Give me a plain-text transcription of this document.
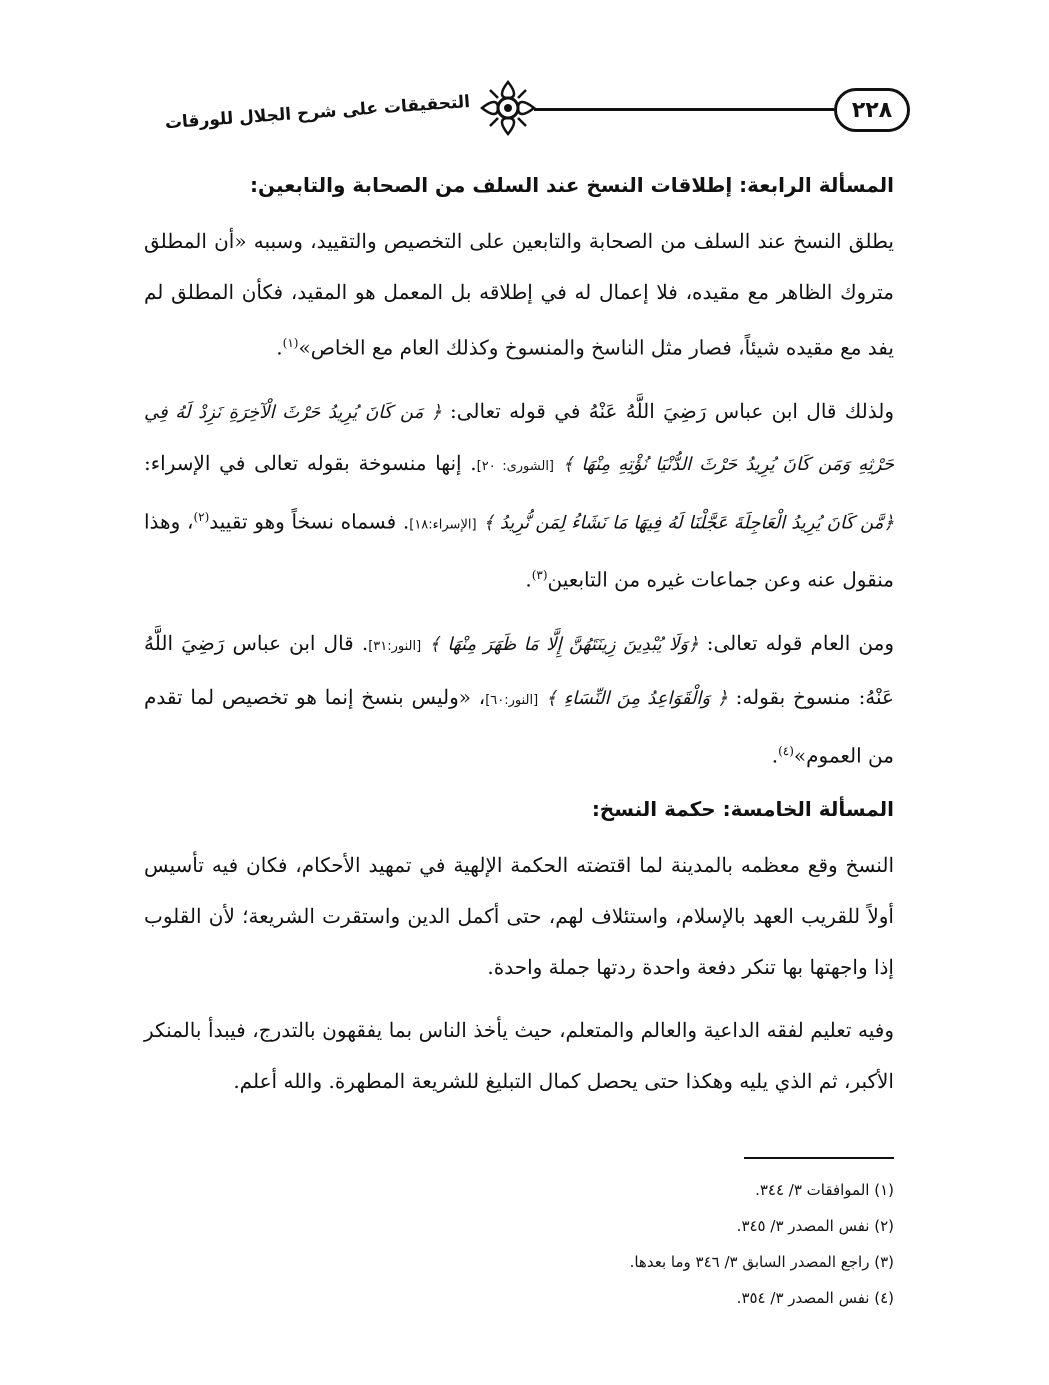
٢٢٨
التحقيقات على شرح الجلال للورقات

المسألة الرابعة: إطلاقات النسخ عند السلف من الصحابة والتابعين:

يطلق النسخ عند السلف من الصحابة والتابعين على التخصيص والتقييد، وسببه «أن المطلق متروك الظاهر مع مقيده، فلا إعمال له في إطلاقه بل المعمل هو المقيد، فكأن المطلق لم يفد مع مقيده شيئاً، فصار مثل الناسخ والمنسوخ وكذلك العام مع الخاص»$^{(١)}$.

ولذلك قال ابن عباس رَضِيَ اللَّهُ عَنْهُ في قوله تعالى: ﴿ مَن كَانَ يُرِيدُ حَرْثَ الْآخِرَةِ نَزِدْ لَهُ فِي حَرْثِهِ وَمَن كَانَ يُرِيدُ حَرْثَ الدُّنْيَا نُؤْتِهِ مِنْهَا ﴾ [الشورى: ٢٠]. إنها منسوخة بقوله تعالى في الإسراء: ﴿مَّن كَانَ يُرِيدُ الْعَاجِلَةَ عَجَّلْنَا لَهُ فِيهَا مَا نَشَاءُ لِمَن نُّرِيدُ ﴾ [الإسراء:١٨]. فسماه نسخاً وهو تقييد$^{(٢)}$، وهذا منقول عنه وعن جماعات غيره من التابعين$^{(٣)}$.

ومن العام قوله تعالى: ﴿وَلَا يُبْدِينَ زِينَتَهُنَّ إِلَّا مَا ظَهَرَ مِنْهَا ﴾ [النور:٣١]. قال ابن عباس رَضِيَ اللَّهُ عَنْهُ: منسوخ بقوله: ﴿ وَالْقَوَاعِدُ مِنَ النِّسَاءِ ﴾ [النور:٦٠]، «وليس بنسخ إنما هو تخصيص لما تقدم من العموم»$^{(٤)}$.

المسألة الخامسة: حكمة النسخ:

النسخ وقع معظمه بالمدينة لما اقتضته الحكمة الإلهية في تمهيد الأحكام، فكان فيه تأسيس أولاً للقريب العهد بالإسلام، واستئلاف لهم، حتى أكمل الدين واستقرت الشريعة؛ لأن القلوب إذا واجهتها بها تنكر دفعة واحدة ردتها جملة واحدة.

وفيه تعليم لفقه الداعية والعالم والمتعلم، حيث يأخذ الناس بما يفقهون بالتدرج، فيبدأ بالمنكر الأكبر، ثم الذي يليه وهكذا حتى يحصل كمال التبليغ للشريعة المطهرة. والله أعلم.

(١) الموافقات ٣/ ٣٤٤.
(٢) نفس المصدر ٣/ ٣٤٥.
(٣) راجع المصدر السابق ٣/ ٣٤٦ وما بعدها.
(٤) نفس المصدر ٣/ ٣٥٤.
